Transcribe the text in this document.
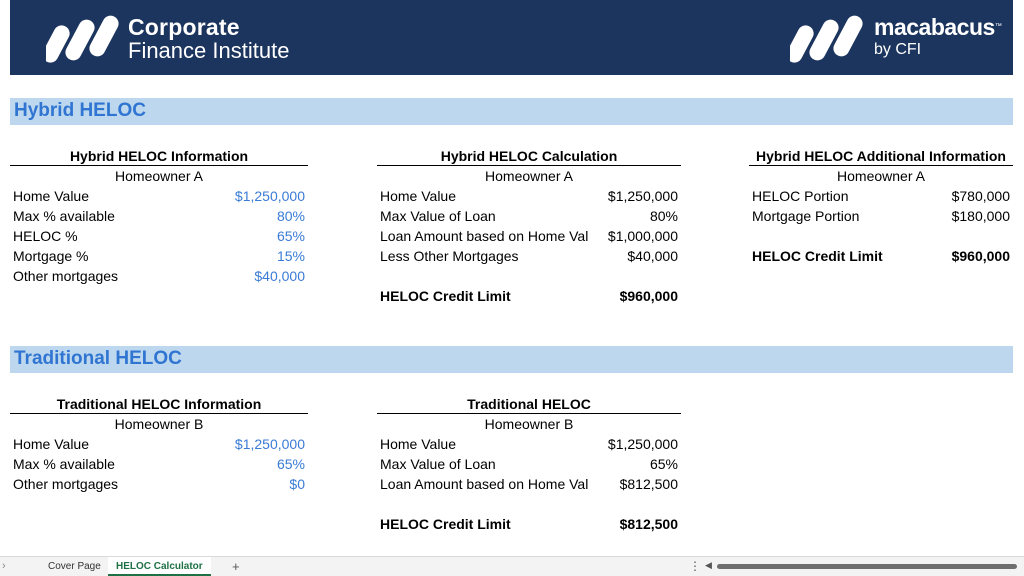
Corporate
Finance Institute
macabacus™
by CFI
Hybrid HELOC
Hybrid HELOC Information
Homeowner A
Home Value	$1,250,000
Max % available	80%
HELOC %	65%
Mortgage %	15%
Other mortgages	$40,000
Hybrid HELOC Calculation
Homeowner A
Home Value	$1,250,000
Max Value of Loan	80%
Loan Amount based on Home Val	$1,000,000
Less Other Mortgages	$40,000
HELOC Credit Limit	$960,000
Hybrid HELOC Additional Information
Homeowner A
HELOC Portion	$780,000
Mortgage Portion	$180,000
HELOC Credit Limit	$960,000
Traditional HELOC
Traditional HELOC Information
Homeowner B
Home Value	$1,250,000
Max % available	65%
Other mortgages	$0
Traditional HELOC
Homeowner B
Home Value	$1,250,000
Max Value of Loan	65%
Loan Amount based on Home Val	$812,500
HELOC Credit Limit	$812,500
›	Cover Page	HELOC Calculator	+	⋮ ◀
